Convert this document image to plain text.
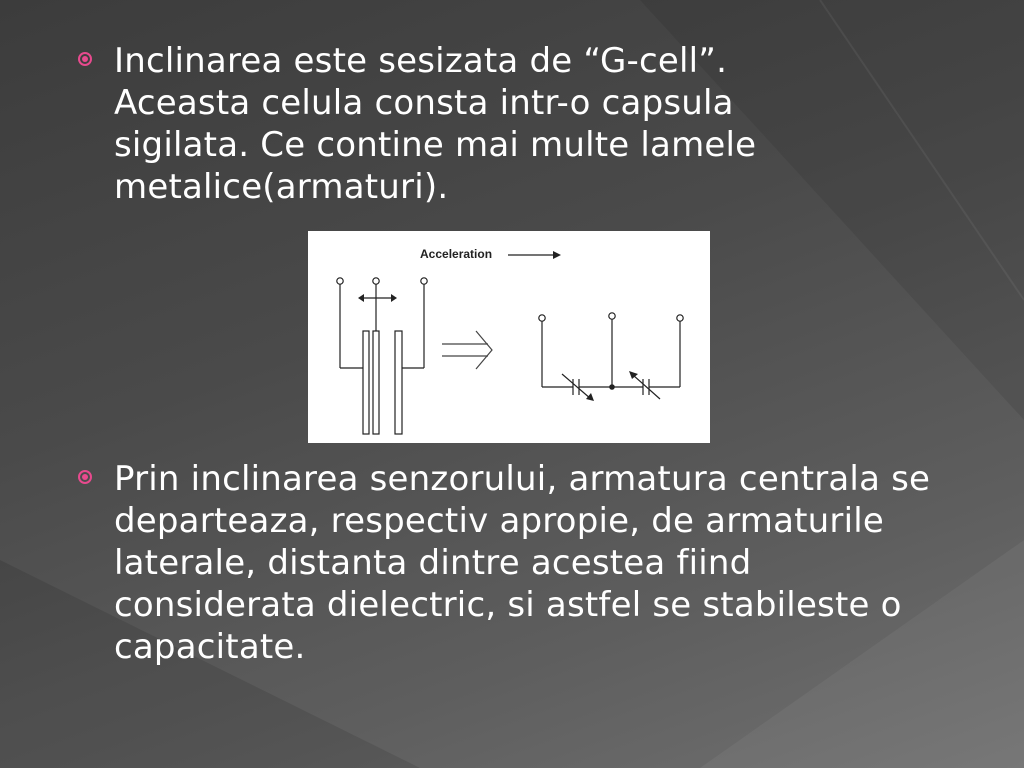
Inclinarea este sesizata de “G-cell”. Aceasta celula consta intr-o capsula sigilata. Ce contine mai multe lamele metalice(armaturi).
Acceleration
Prin inclinarea senzorului, armatura centrala se departeaza, respectiv apropie, de armaturile laterale, distanta dintre acestea fiind considerata dielectric, si astfel se stabileste o capacitate.
